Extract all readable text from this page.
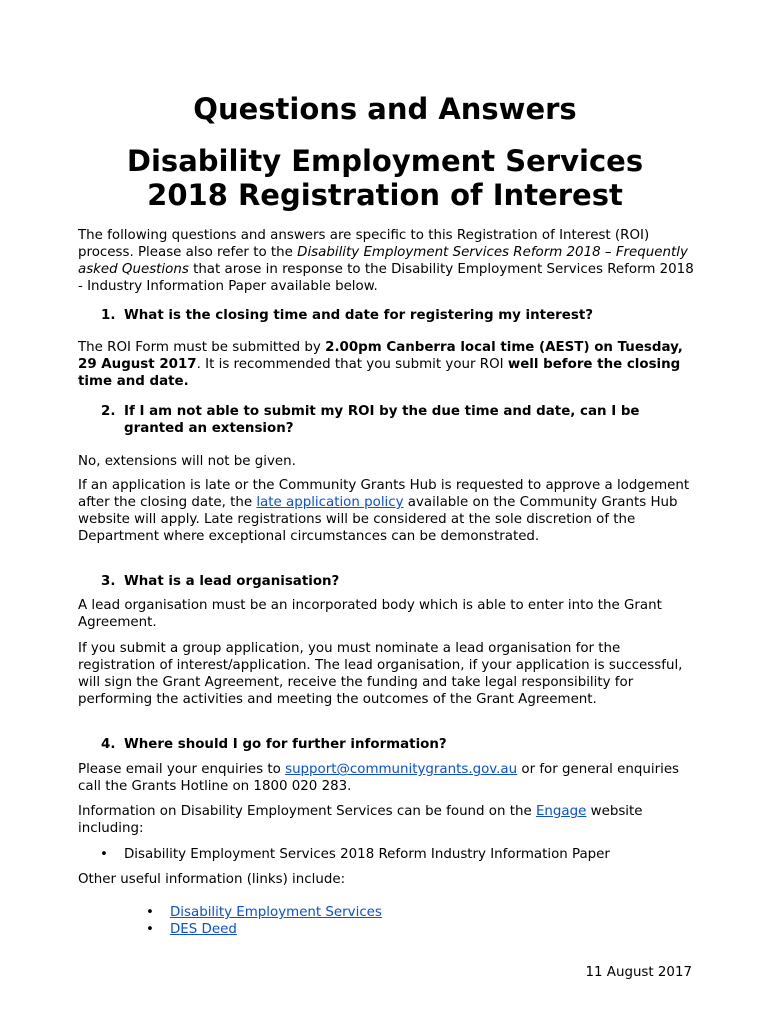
Questions and Answers
Disability Employment Services
2018 Registration of Interest

The following questions and answers are specific to this Registration of Interest (ROI) process. Please also refer to the Disability Employment Services Reform 2018 – Frequently asked Questions that arose in response to the Disability Employment Services Reform 2018 - Industry Information Paper available below.

1. What is the closing time and date for registering my interest?

The ROI Form must be submitted by 2.00pm Canberra local time (AEST) on Tuesday, 29 August 2017. It is recommended that you submit your ROI well before the closing time and date.

2. If I am not able to submit my ROI by the due time and date, can I be granted an extension?

No, extensions will not be given.

If an application is late or the Community Grants Hub is requested to approve a lodgement after the closing date, the late application policy available on the Community Grants Hub website will apply. Late registrations will be considered at the sole discretion of the Department where exceptional circumstances can be demonstrated.

3. What is a lead organisation?

A lead organisation must be an incorporated body which is able to enter into the Grant Agreement.

If you submit a group application, you must nominate a lead organisation for the registration of interest/application. The lead organisation, if your application is successful, will sign the Grant Agreement, receive the funding and take legal responsibility for performing the activities and meeting the outcomes of the Grant Agreement.

4. Where should I go for further information?

Please email your enquiries to support@communitygrants.gov.au or for general enquiries call the Grants Hotline on 1800 020 283.

Information on Disability Employment Services can be found on the Engage website including:

• Disability Employment Services 2018 Reform Industry Information Paper

Other useful information (links) include:

• Disability Employment Services
• DES Deed
11 August 2017
